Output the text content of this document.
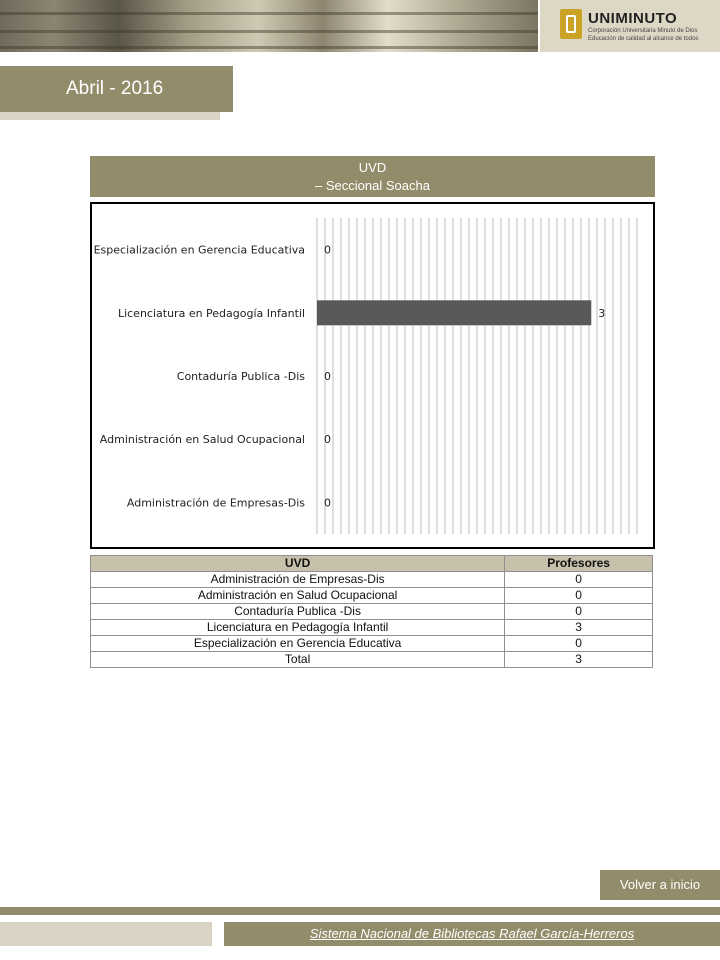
UNIMINUTO
Corporación Universitaria Minuto de Dios
Educación de calidad al alcance de todos
Abril - 2016
UVD
– Seccional Soacha
Especialización en Gerencia Educativa 0
Licenciatura en Pedagogía Infantil	3
Contaduría Publica -Dis 0
Administración en Salud Ocupacional 0
Administración de Empresas-Dis 0
UVD	Profesores
Administración de Empresas-Dis	0
Administración en Salud Ocupacional	0
Contaduría Publica -Dis	0
Licenciatura en Pedagogía Infantil	3
Especialización en Gerencia Educativa	0
Total	3
Volver a inicio
Sistema Nacional de Bibliotecas Rafael García-Herreros
